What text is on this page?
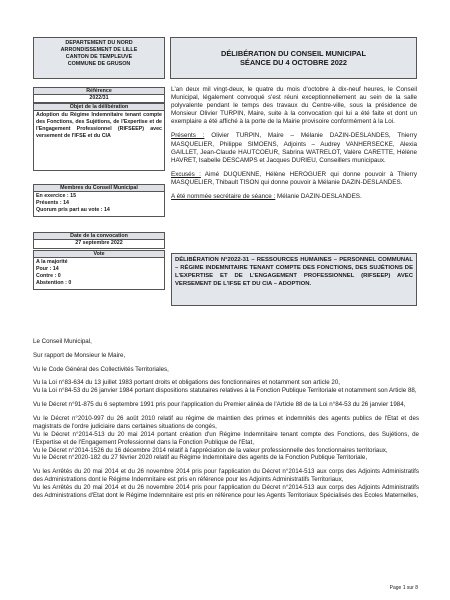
DEPARTEMENT DU NORD
ARRONDISSEMENT DE LILLE
CANTON DE TEMPLEUVE
COMMUNE DE GRUSON
DÉLIBÉRATION DU CONSEIL MUNICIPAL
SÉANCE DU 4 OCTOBRE 2022
Référence
2022/31
Objet de la délibération
Adoption du Régime Indemnitaire tenant compte des Fonctions, des Sujétions, de l'Expertise et de l'Engagement Professionnel (RIFSEEP) avec versement de l'IFSE et du CIA
Membres du Conseil Municipal
En exercice : 15
Présents : 14
Quorum pris part au vote : 14
Date de la convocation
27 septembre 2022
Vote
A la majorité
Pour : 14
Contre : 0
Abstention : 0

L'an deux mil vingt-deux, le quatre du mois d'octobre à dix-neuf heures, le Conseil Municipal, légalement convoqué s'est réuni exceptionnellement au sein de la salle polyvalente pendant le temps des travaux du Centre-ville, sous la présidence de Monsieur Olivier TURPIN, Maire, suite à la convocation qui lui a été faite et dont un exemplaire a été affiché à la porte de la Mairie provisoire conformément à la Loi.

Présents : Olivier TURPIN, Maire – Mélanie DAZIN-DESLANDES, Thierry MASQUELIER, Philippe SIMOENS, Adjoints – Audrey VANHERSECKE, Alexia GAILLET, Jean-Claude HAUTCOEUR, Sabrina WATRELOT, Valère CARETTE, Hélène HAVRET, Isabelle DESCAMPS et Jacques DURIEU, Conseillers municipaux.

Excusés : Aimé DUQUENNE, Hélène HEROGUER qui donne pouvoir à Thierry MASQUELIER, Thibault TISON qui donne pouvoir à Mélanie DAZIN-DESLANDES.

A été nommée secrétaire de séance : Mélanie DAZIN-DESLANDES.

DÉLIBÉRATION N°2022-31 – RESSOURCES HUMAINES – PERSONNEL COMMUNAL – RÉGIME INDEMNITAIRE TENANT COMPTE DES FONCTIONS, DES SUJÉTIONS DE L'EXPERTISE ET DE L'ENGAGEMENT PROFESSIONNEL (RIFSEEP) AVEC VERSEMENT DE L'IFSE ET DU CIA – ADOPTION.

Le Conseil Municipal,

Sur rapport de Monsieur le Maire,

Vu le Code Général des Collectivités Territoriales,

Vu la Loi n°83-634 du 13 juillet 1983 portant droits et obligations des fonctionnaires et notamment son article 20,

Vu la Loi n°84-53 du 26 janvier 1984 portant dispositions statutaires relatives à la Fonction Publique Territoriale et notamment son Article 88,

Vu le Décret n°91-875 du 6 septembre 1991 pris pour l'application du Premier alinéa de l'Article 88 de la Loi n°84-53 du 26 janvier 1984,

Vu le Décret n°2010-997 du 26 août 2010 relatif au régime de maintien des primes et indemnités des agents publics de l'Etat et des magistrats de l'ordre judiciaire dans certaines situations de congés,

Vu le Décret n°2014-513 du 20 mai 2014 portant création d'un Régime Indemnitaire tenant compte des Fonctions, des Sujétions, de l'Expertise et de l'Engagement Professionnel dans la Fonction Publique de l'Etat,

Vu le Décret n°2014-1526 du 16 décembre 2014 relatif à l'appréciation de la valeur professionnelle des fonctionnaires territoriaux,

Vu le Décret n°2020-182 du 27 février 2020 relatif au Régime Indemnitaire des agents de la Fonction Publique Territoriale,

Vu les Arrêtés du 20 mai 2014 et du 26 novembre 2014 pris pour l'application du Décret n°2014-513 aux corps des Adjoints Administratifs des Administrations dont le Régime Indemnitaire est pris en référence pour les Adjoints Administratifs Territoriaux,

Vu les Arrêtés du 20 mai 2014 et du 26 novembre 2014 pris pour l'application du Décret n°2014-513 aux corps des Adjoints Administratifs des Administrations d'Etat dont le Régime Indemnitaire est pris en référence pour les Agents Territoriaux Spécialisés des Ecoles Maternelles,

Page 1 sur 8
